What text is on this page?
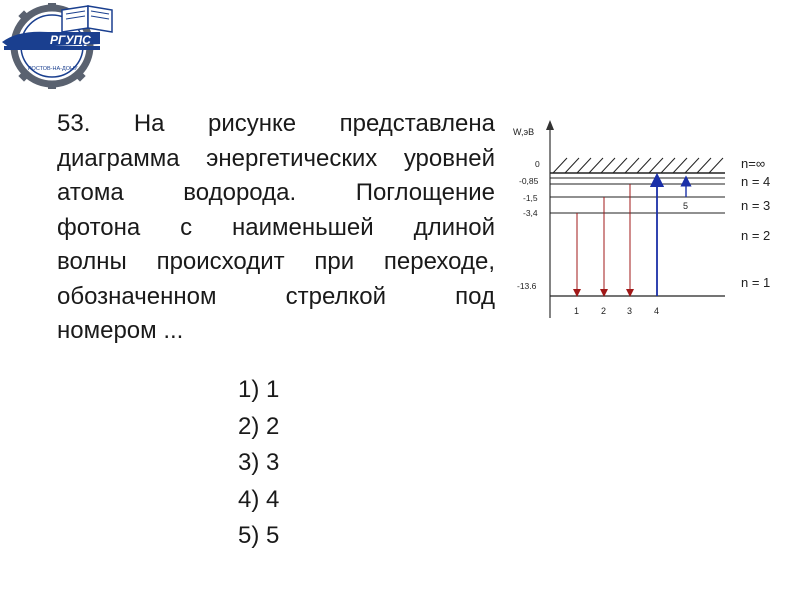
РГУПС
РОСТОВ-НА-ДОНУ
53. На рисунке представлена
диаграмма энергетических уровней
атома водорода. Поглощение
фотона с наименьшей длиной
волны происходит при переходе,
обозначенном стрелкой под
номером ...
1) 1
2) 2
3) 3
4) 4
5) 5
W,эВ
0
-0,85
-1,5
-3,4
-13.6
n=∞
n = 4
n = 3
n = 2
n = 1
1 2 3 4
5
